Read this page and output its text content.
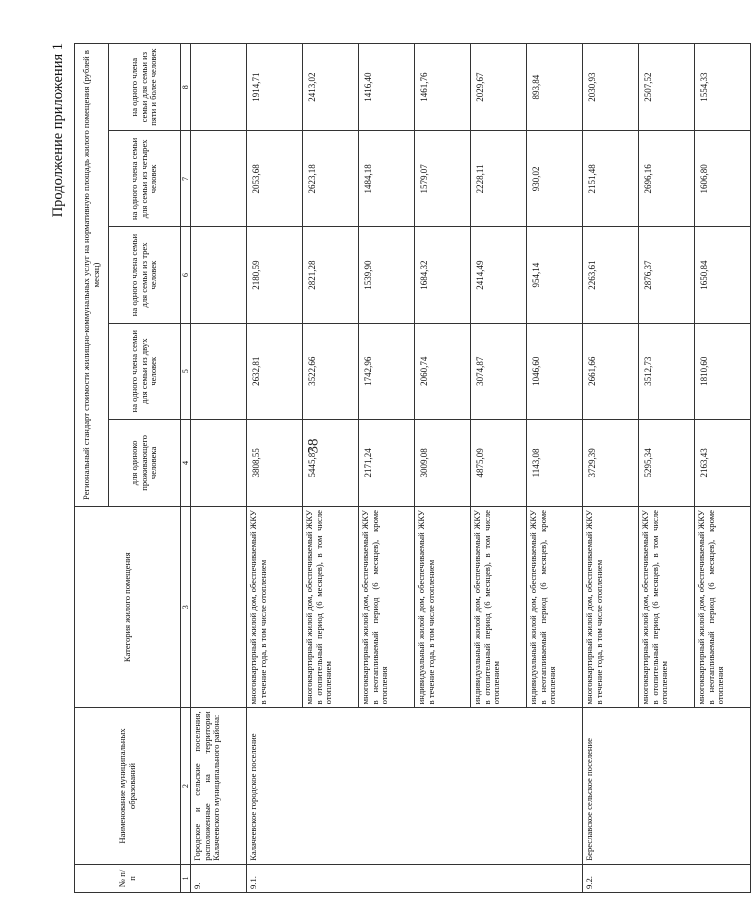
38
Продолжение приложения 1
№ п/п	Наименование муниципальных образований	Категория жилого помещения	Региональный стандарт стоимости жилищно-коммунальных услуг на нормативную площадь жилого помещения (рублей в месяц)				
			для одиноко проживающего человека	на одного члена семьи для семьи из двух человек	на одного члена семьи для семьи из трех человек	на одного члена семьи для семьи из четырех человек	на одного члена семьи для семьи из пяти и более человек
1	2	3	4	5	6	7	8
9.	Городское и сельские поселения, расположенные на территории Калачеевского муниципального района:						
9.1.	Калачеевское городское поселение	многоквартирный жилой дом, обеспечиваемый ЖКУ в течение года, в том числе отоплением	3808,55	2632,81	2180,59	2053,68	1914,71
		многоквартирный жилой дом, обеспечиваемый ЖКУ в отопительный период (6 месяцев), в том числе отоплением	5445,87	3522,66	2821,28	2623,18	2413,02
		многоквартирный жилой дом, обеспечиваемый ЖКУ в неотапливаемый период (6 месяцев), кроме отопления	2171,24	1742,96	1539,90	1484,18	1416,40
		индивидуальный жилой дом, обеспечиваемый ЖКУ в течение года, в том числе отоплением	3009,08	2060,74	1684,32	1579,07	1461,76
		индивидуальный жилой дом, обеспечиваемый ЖКУ в отопительный период (6 месяцев), в том числе отоплением	4875,09	3074,87	2414,49	2228,11	2029,67
		индивидуальный жилой дом, обеспечиваемый ЖКУ в неотапливаемый период (6 месяцев), кроме отопления	1143,08	1046,60	954,14	930,02	893,84
9.2.	Береславское сельское поселение	многоквартирный жилой дом, обеспечиваемый ЖКУ в течение года, в том числе отоплением	3729,39	2661,66	2263,61	2151,48	2030,93
		многоквартирный жилой дом, обеспечиваемый ЖКУ в отопительный период (6 месяцев), в том числе отоплением	5295,34	3512,73	2876,37	2696,16	2507,52
		многоквартирный жилой дом, обеспечиваемый ЖКУ в неотапливаемый период (6 месяцев), кроме отопления	2163,43	1810,60	1650,84	1606,80	1554,33
